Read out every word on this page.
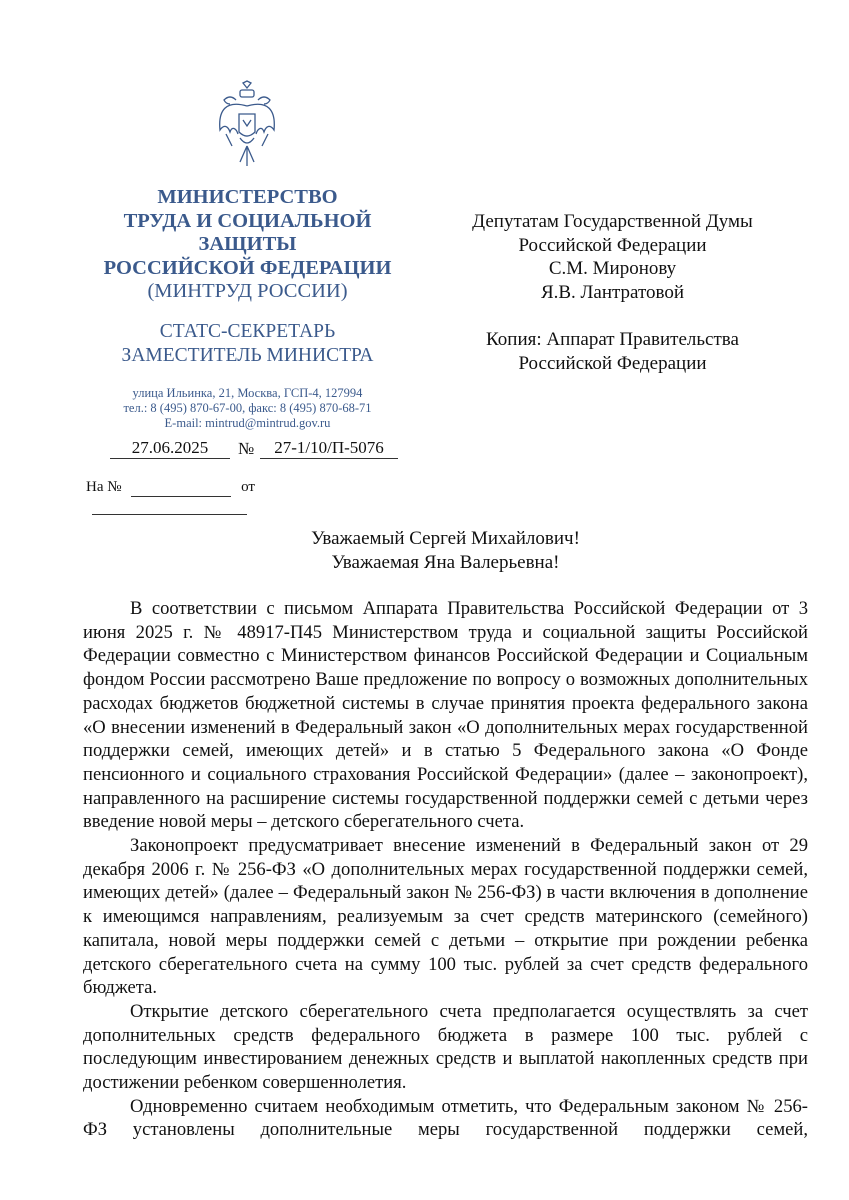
МИНИСТЕРСТВО
ТРУДА И СОЦИАЛЬНОЙ
ЗАЩИТЫ
РОССИЙСКОЙ ФЕДЕРАЦИИ
(МИНТРУД РОССИИ)
СТАТС-СЕКРЕТАРЬ
ЗАМЕСТИТЕЛЬ МИНИСТРА
улица Ильинка, 21, Москва, ГСП-4, 127994
тел.: 8 (495) 870-67-00, факс: 8 (495) 870-68-71
E-mail: mintrud@mintrud.gov.ru
27.06.2025	№	27-1/10/П-5076
На №	от
Депутатам Государственной Думы
Российской Федерации
С.М. Миронову
Я.В. Лантратовой
Копия: Аппарат Правительства
Российской Федерации
Уважаемый Сергей Михайлович!
Уважаемая Яна Валерьевна!

В соответствии с письмом Аппарата Правительства Российской Федерации от 3 июня 2025 г. № 48917-П45 Министерством труда и социальной защиты Российской Федерации совместно с Министерством финансов Российской Федерации и Социальным фондом России рассмотрено Ваше предложение по вопросу о возможных дополнительных расходах бюджетов бюджетной системы в случае принятия проекта федерального закона «О внесении изменений в Федеральный закон «О дополнительных мерах государственной поддержки семей, имеющих детей» и в статью 5 Федерального закона «О Фонде пенсионного и социального страхования Российской Федерации» (далее – законопроект), направленного на расширение системы государственной поддержки семей с детьми через введение новой меры – детского сберегательного счета.

Законопроект предусматривает внесение изменений в Федеральный закон от 29 декабря 2006 г. № 256-ФЗ «О дополнительных мерах государственной поддержки семей, имеющих детей» (далее – Федеральный закон № 256-ФЗ) в части включения в дополнение к имеющимся направлениям, реализуемым за счет средств материнского (семейного) капитала, новой меры поддержки семей с детьми – открытие при рождении ребенка детского сберегательного счета на сумму 100 тыс. рублей за счет средств федерального бюджета.

Открытие детского сберегательного счета предполагается осуществлять за счет дополнительных средств федерального бюджета в размере 100 тыс. рублей с последующим инвестированием денежных средств и выплатой накопленных средств при достижении ребенком совершеннолетия.

Одновременно считаем необходимым отметить, что Федеральным законом № 256-ФЗ установлены дополнительные меры государственной поддержки семей,
